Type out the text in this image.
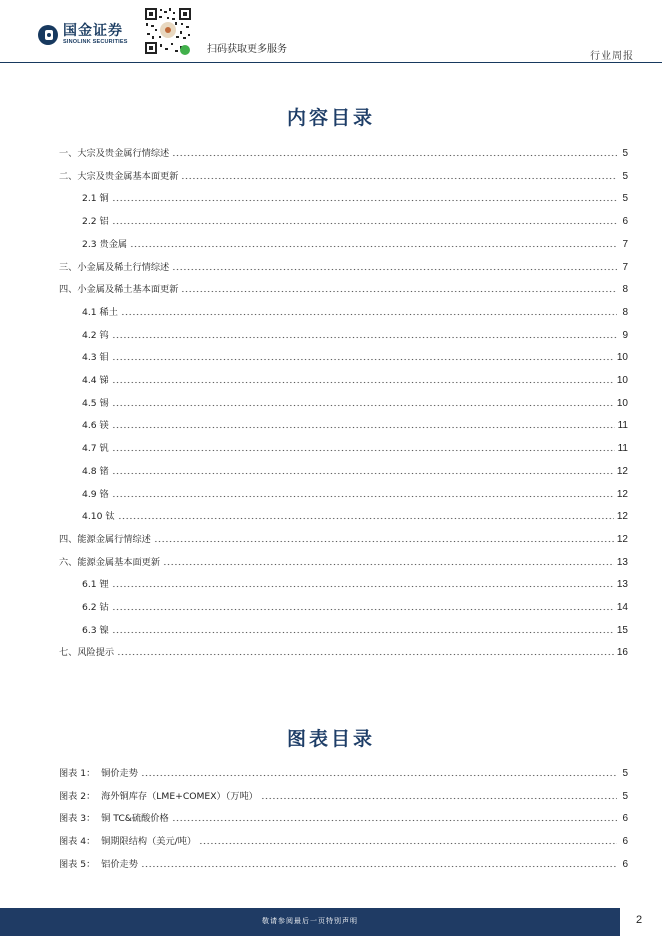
国金证券
SINOLINK SECURITIES
扫码获取更多服务
行业周报
内容目录
一、大宗及贵金属行情综述	5
二、大宗及贵金属基本面更新	5
2.1 铜	5
2.2 铝	6
2.3 贵金属	7
三、小金属及稀土行情综述	7
四、小金属及稀土基本面更新	8
4.1 稀土	8
4.2 钨	9
4.3 钼	10
4.4 锑	10
4.5 锡	10
4.6 镁	11
4.7 钒	11
4.8 锗	12
4.9 铬	12
4.10 钛	12
四、能源金属行情综述	12
六、能源金属基本面更新	13
6.1 锂	13
6.2 钴	14
6.3 镍	15
七、风险提示	16
图表目录
图表 1：  铜价走势	5
图表 2：  海外铜库存（LME+COMEX）（万吨）	5
图表 3：  铜 TC&硫酸价格	6
图表 4：  铜期限结构（美元/吨）	6
图表 5：  铝价走势	6
敬请参阅最后一页特别声明	2
